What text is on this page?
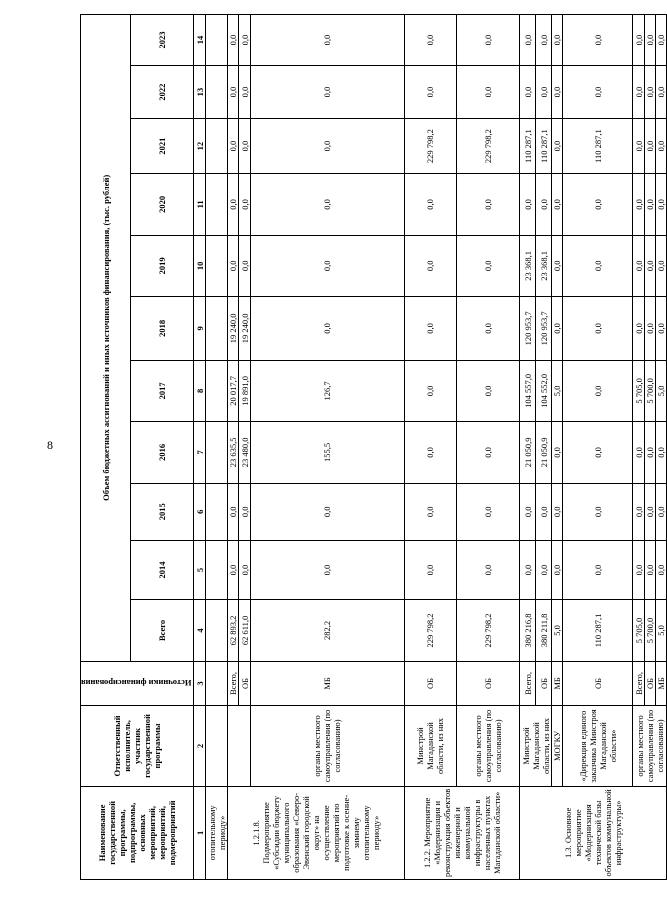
8
Наименование государственной программы, подпрограммы, основных мероприятий, мероприятий, подмероприятий	Ответственный исполнитель, участник государственной программы	Источники финансирования	Объем бюджетных ассигнований и иных источников финансирования, (тыс. рублей)										
			Всего	2014	2015	2016	2017	2018	2019	2020	2021	2022	2023
1	2	3	4	5	6	7	8	9	10	11	12	13	14
отопительному периоду»													
1.2.1.8. Подмероприятие «Субсидии бюджету муниципального образования «Северо-Эвенский городской округ» на осуществление мероприятий по подготовке к осенне-зимнему отопительному периоду»		Всего,	62 893,2	0,0	0,0	23 635,5	20 017,7	19 240,0	0,0	0,0	0,0	0,0	0,0
		ОБ	62 611,0	0,0	0,0	23 480,0	19 891,0	19 240,0	0,0	0,0	0,0	0,0	0,0
	органы местного самоуправления (по согласованию)	МБ	282,2	0,0	0,0	155,5	126,7	0,0	0,0	0,0	0,0	0,0	0,0
1.2.2. Мероприятие «Модернизация и реконструкция объектов инженерной и коммунальной инфраструктуры в населенных пунктах Магаданской области»	Минстрой Магаданской области, из них	ОБ	229 798,2	0,0	0,0	0,0	0,0	0,0	0,0	0,0	229 798,2	0,0	0,0
	органы местного самоуправления (по согласованию)	ОБ	229 798,2	0,0	0,0	0,0	0,0	0,0	0,0	0,0	229 798,2	0,0	0,0
1.3. Основное мероприятие «Модернизация технической базы объектов коммунальной инфраструктуры»	Минстрой Магаданской области, из них	Всего,	380 216,8	0,0	0,0	21 050,9	104 557,0	120 953,7	23 368,1	0,0	110 287,1	0,0	0,0
		ОБ	380 211,8	0,0	0,0	21 050,9	104 552,0	120 953,7	23 368,1	0,0	110 287,1	0,0	0,0
	МОГКУ	МБ	5,0	0,0	0,0	0,0	5,0	0,0	0,0	0,0	0,0	0,0	0,0
	«Дирекция единого заказчика Минстроя Магаданской области»	ОБ	110 287,1	0,0	0,0	0,0	0,0	0,0	0,0	0,0	110 287,1	0,0	0,0
	органы местного самоуправления (по согласованию)	Всего,	5 705,0	0,0	0,0	0,0	5 705,0	0,0	0,0	0,0	0,0	0,0	0,0
		ОБ	5 700,0	0,0	0,0	0,0	5 700,0	0,0	0,0	0,0	0,0	0,0	0,0
		МБ	5,0	0,0	0,0	0,0	5,0	0,0	0,0	0,0	0,0	0,0	0,0
